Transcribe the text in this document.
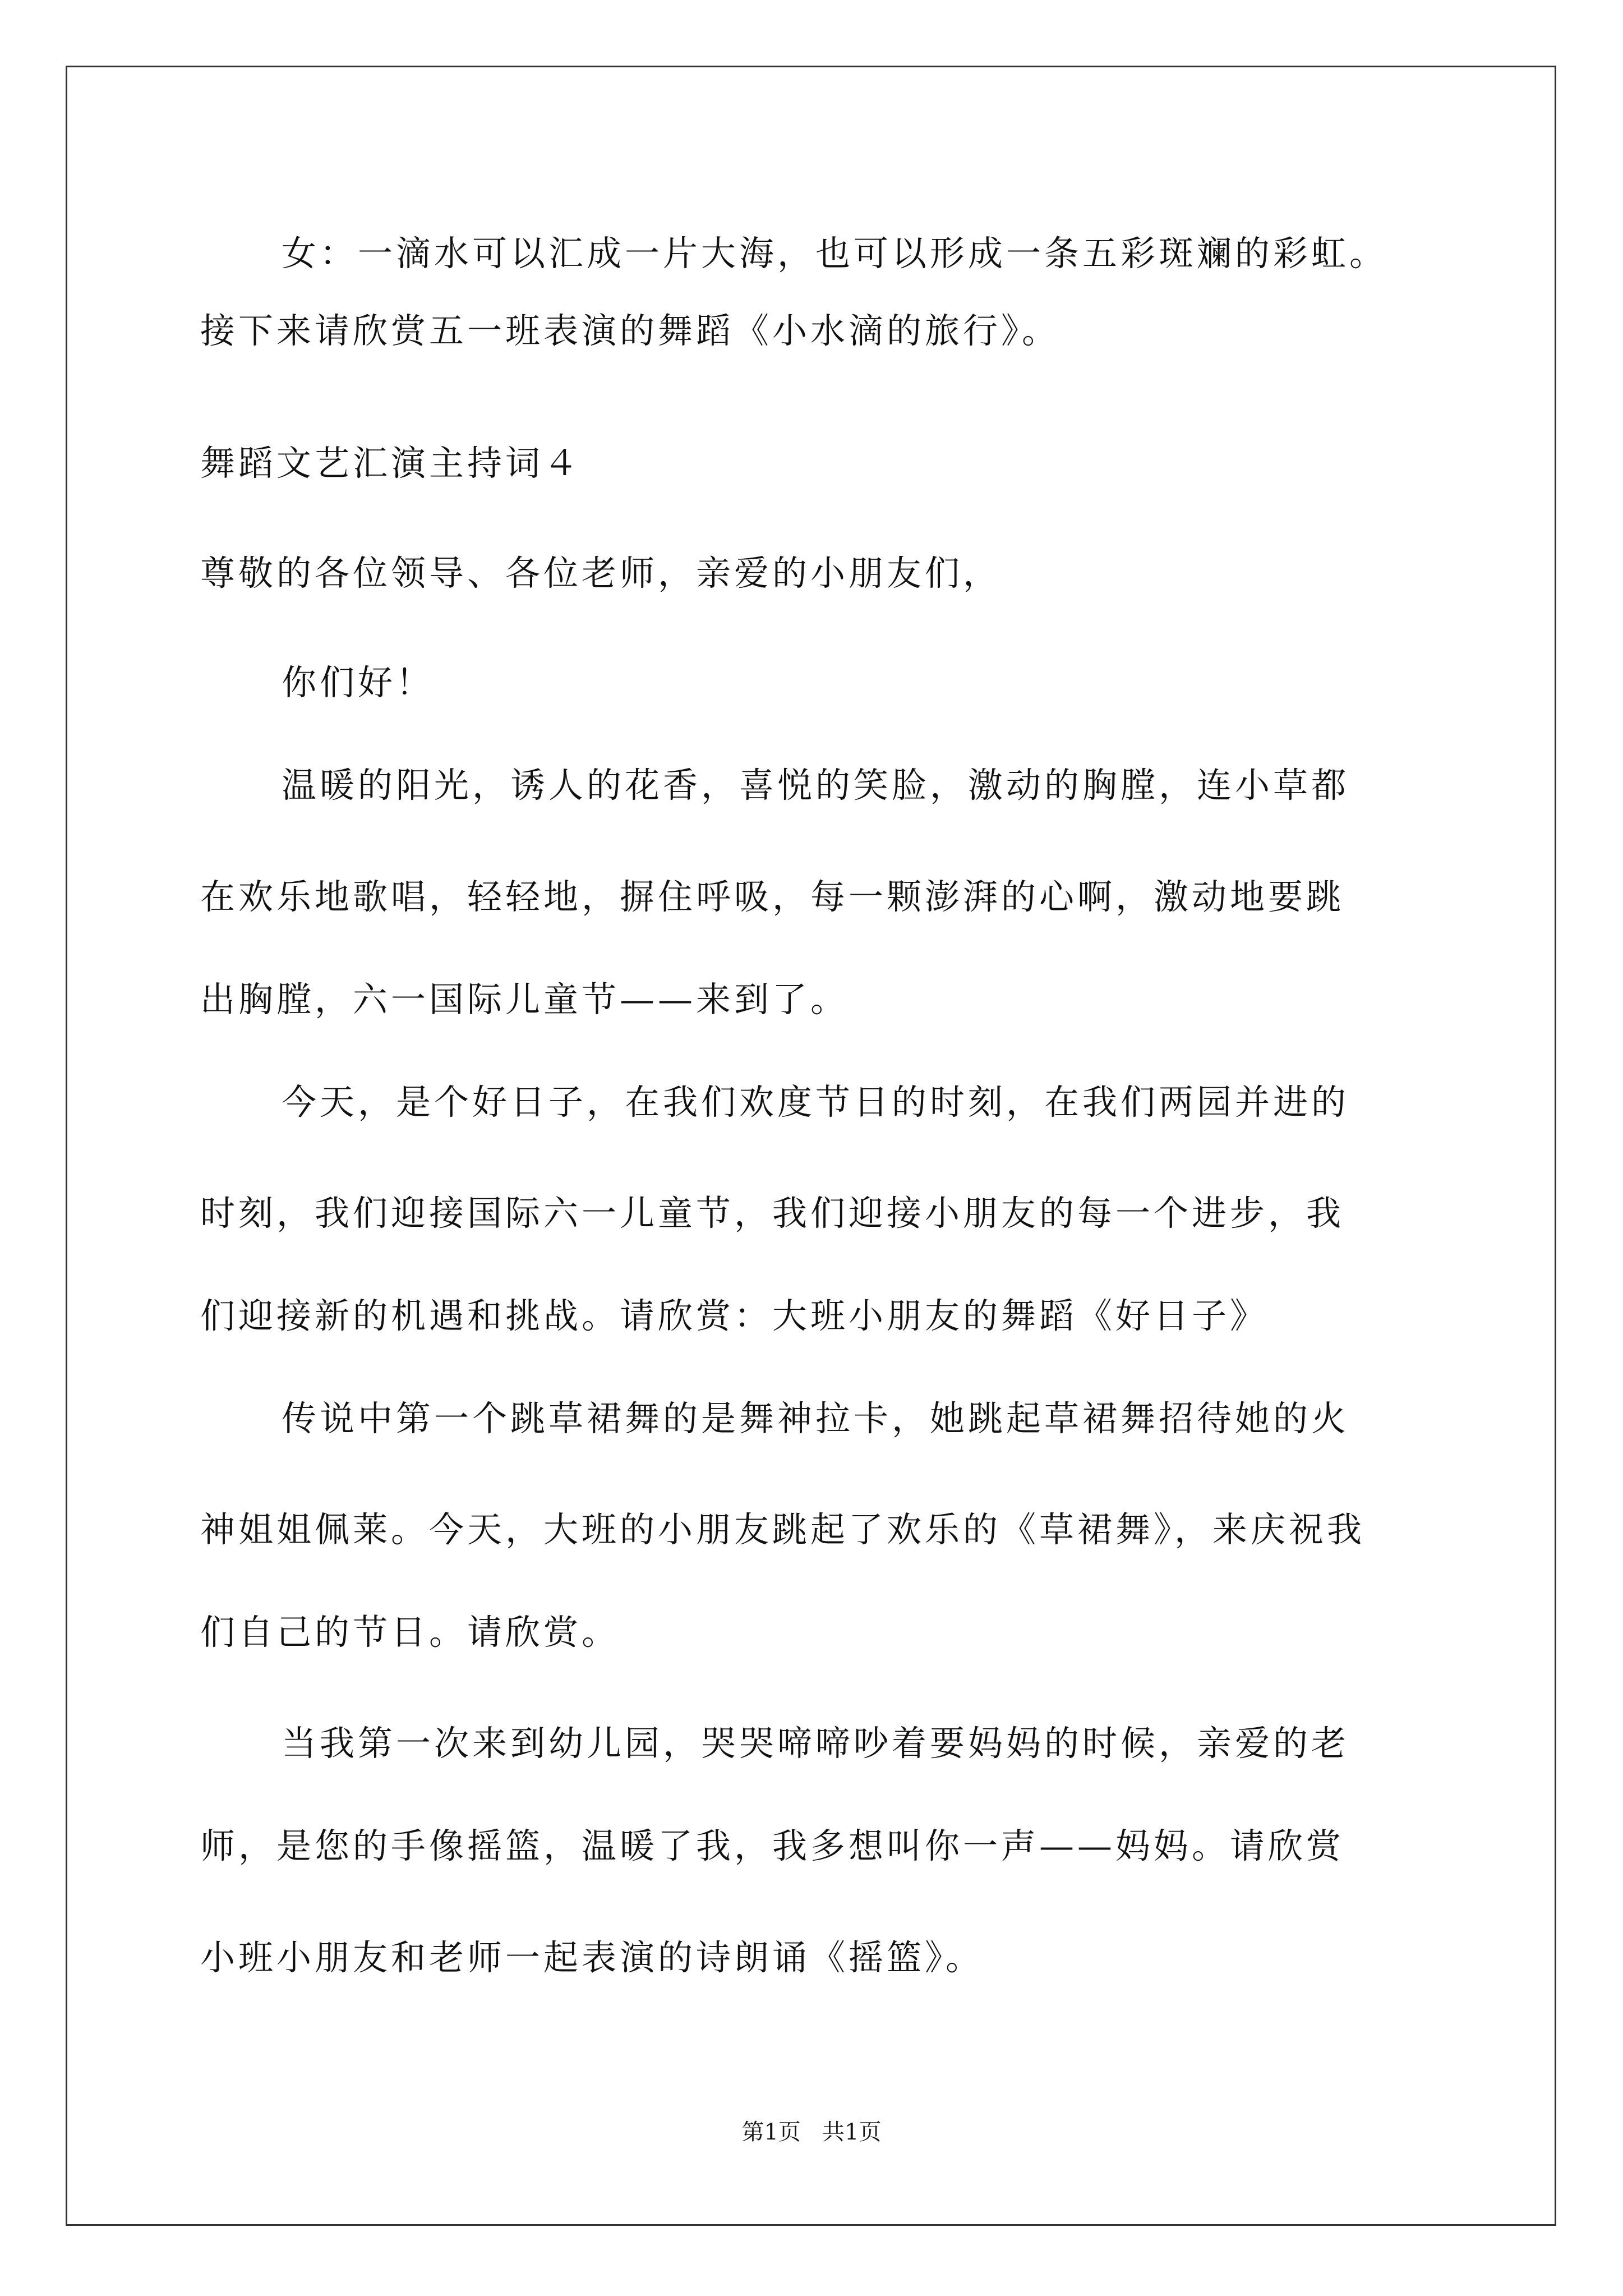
女：一滴水可以汇成一片大海，也可以形成一条五彩斑斓的彩虹。
接下来请欣赏五一班表演的舞蹈《小水滴的旅行》。
舞蹈文艺汇演主持词４
尊敬的各位领导、各位老师，亲爱的小朋友们，
你们好！
温暖的阳光，诱人的花香，喜悦的笑脸，激动的胸膛，连小草都
在欢乐地歌唱，轻轻地，摒住呼吸，每一颗澎湃的心啊，激动地要跳
出胸膛，六一国际儿童节——来到了。
今天，是个好日子，在我们欢度节日的时刻，在我们两园并进的
时刻，我们迎接国际六一儿童节，我们迎接小朋友的每一个进步，我
们迎接新的机遇和挑战。请欣赏：大班小朋友的舞蹈《好日子》
传说中第一个跳草裙舞的是舞神拉卡，她跳起草裙舞招待她的火
神姐姐佩莱。今天，大班的小朋友跳起了欢乐的《草裙舞》，来庆祝我
们自己的节日。请欣赏。
当我第一次来到幼儿园，哭哭啼啼吵着要妈妈的时候，亲爱的老
师，是您的手像摇篮，温暖了我，我多想叫你一声——妈妈。请欣赏
小班小朋友和老师一起表演的诗朗诵《摇篮》。
第1页   共1页
